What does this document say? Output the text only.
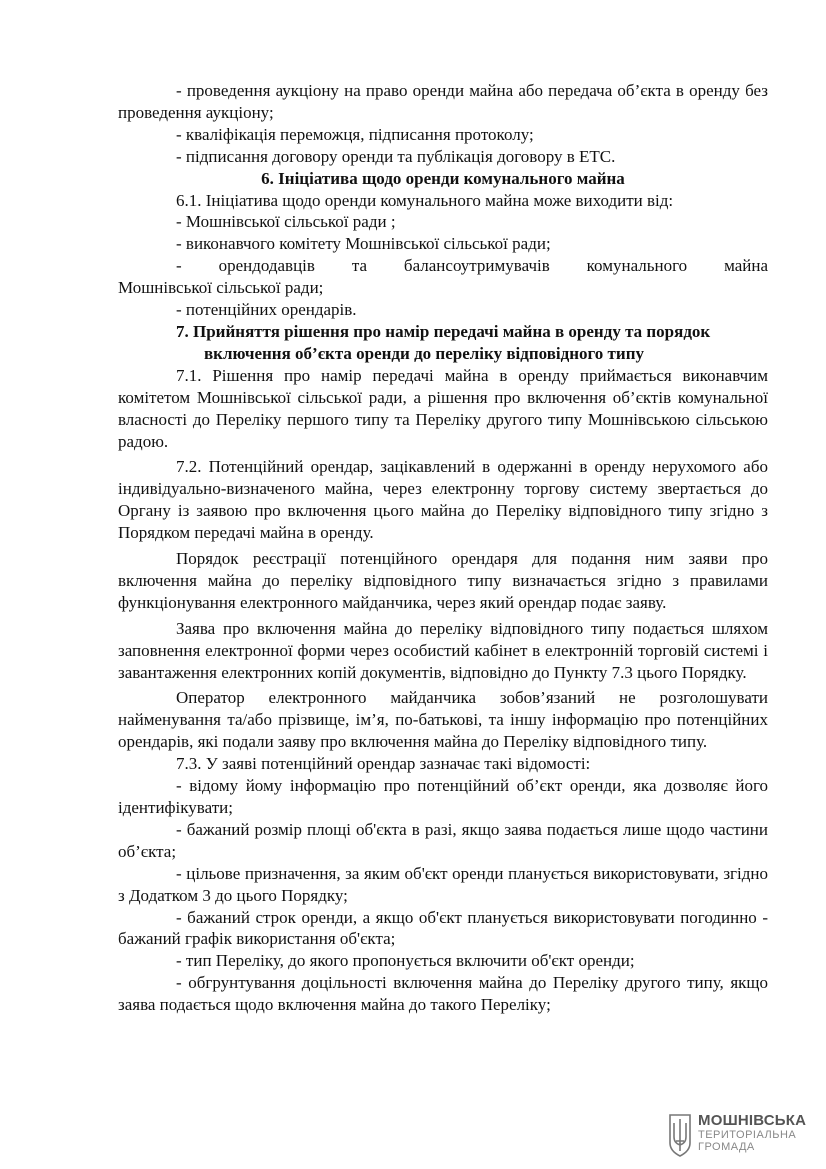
- проведення аукціону на право оренди майна або передача об’єкта в оренду без проведення аукціону;

- кваліфікація переможця, підписання протоколу;

- підписання договору оренди та публікація договору в ЕТС.

6. Ініціатива щодо оренди комунального майна

6.1. Ініціатива щодо оренди комунального майна може виходити від:

- Мошнівської сільської ради ;

- виконавчого комітету Мошнівської сільської ради;

- орендодавців та балансоутримувачів комунального майна

Мошнівської сільської ради;

- потенційних орендарів.

7. Прийняття рішення про намір передачі майна в оренду та порядок

включення об’єкта оренди до переліку відповідного типу

7.1. Рішення про намір передачі майна в оренду приймається виконавчим комітетом Мошнівської сільської ради, а рішення про включення об’єктів комунальної власності до Переліку першого типу та Переліку другого типу Мошнівською сільською радою.

7.2. Потенційний орендар, зацікавлений в одержанні в оренду нерухомого або індивідуально-визначеного майна, через електронну торгову систему звертається до Органу із заявою про включення цього майна до Переліку відповідного типу згідно з Порядком передачі майна в оренду.

Порядок реєстрації потенційного орендаря для подання ним заяви про включення майна до переліку відповідного типу визначається згідно з правилами функціонування електронного майданчика, через який орендар подає заяву.

Заява про включення майна до переліку відповідного типу подається шляхом заповнення електронної форми через особистий кабінет в електронній торговій системі і завантаження електронних копій документів, відповідно до Пункту 7.3 цього Порядку.

Оператор електронного майданчика зобов’язаний не розголошувати найменування та/або прізвище, ім’я, по-батькові, та іншу інформацію про потенційних орендарів, які подали заяву про включення майна до Переліку відповідного типу.

7.3. У заяві потенційний орендар зазначає такі відомості:

- відому йому інформацію про потенційний об’єкт оренди, яка дозволяє його ідентифікувати;

- бажаний розмір площі об'єкта в разі, якщо заява подається лише щодо частини об’єкта;

- цільове призначення, за яким об'єкт оренди планується використовувати, згідно з Додатком 3 до цього Порядку;

- бажаний строк оренди, а якщо об'єкт планується використовувати погодинно - бажаний графік використання об'єкта;

- тип Переліку, до якого пропонується включити об'єкт оренди;

- обгрунтування доцільності включення майна до Переліку другого типу, якщо заява подається щодо включення майна до такого Переліку;

МОШНІВСЬКА
ТЕРИТОРІАЛЬНА
ГРОМАДА
